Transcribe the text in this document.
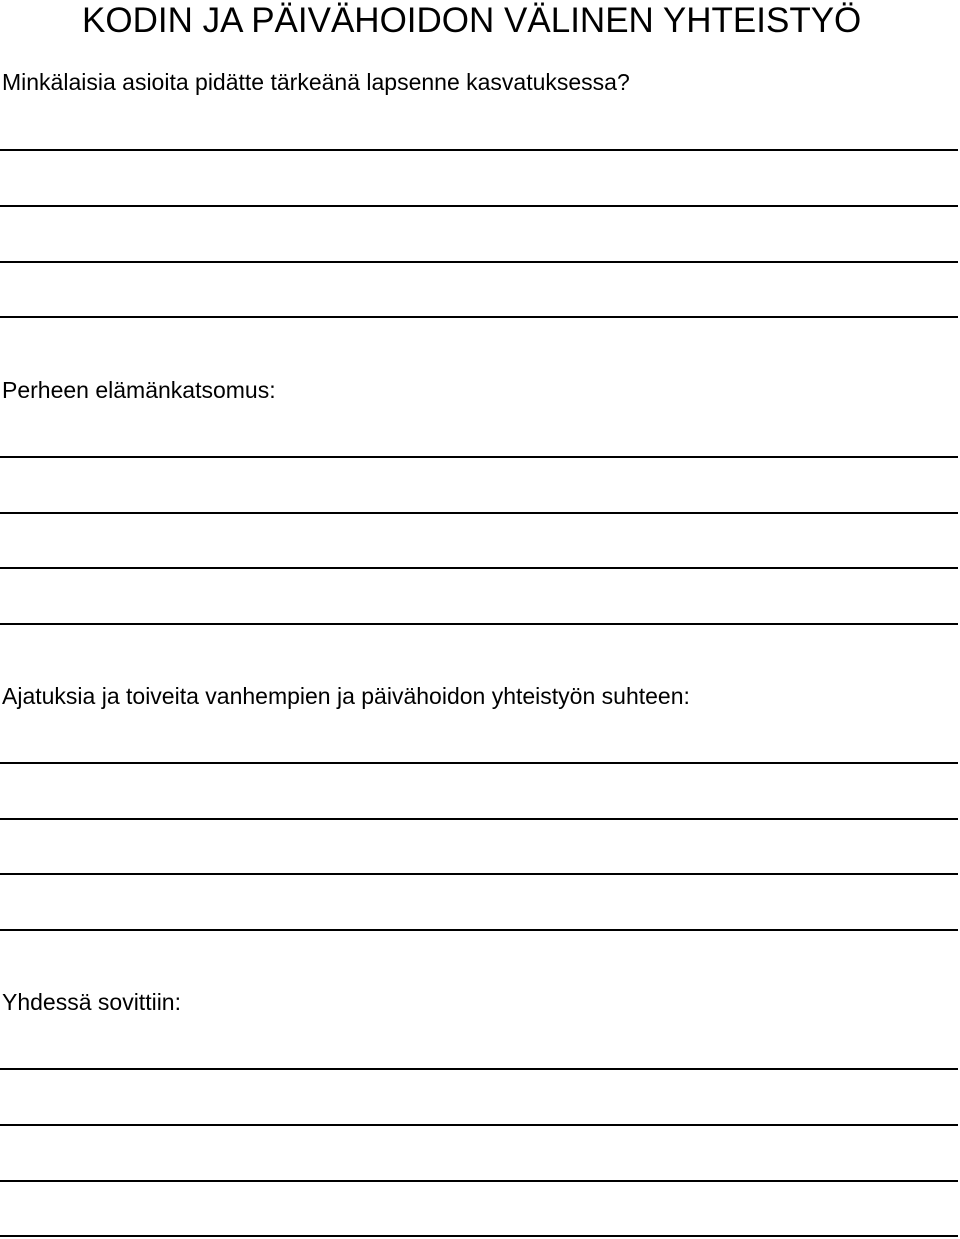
KODIN JA PÄIVÄHOIDON VÄLINEN YHTEISTYÖ
Minkälaisia asioita pidätte tärkeänä lapsenne kasvatuksessa?
Perheen elämänkatsomus:
Ajatuksia ja toiveita vanhempien ja päivähoidon yhteistyön suhteen:
Yhdessä sovittiin:
